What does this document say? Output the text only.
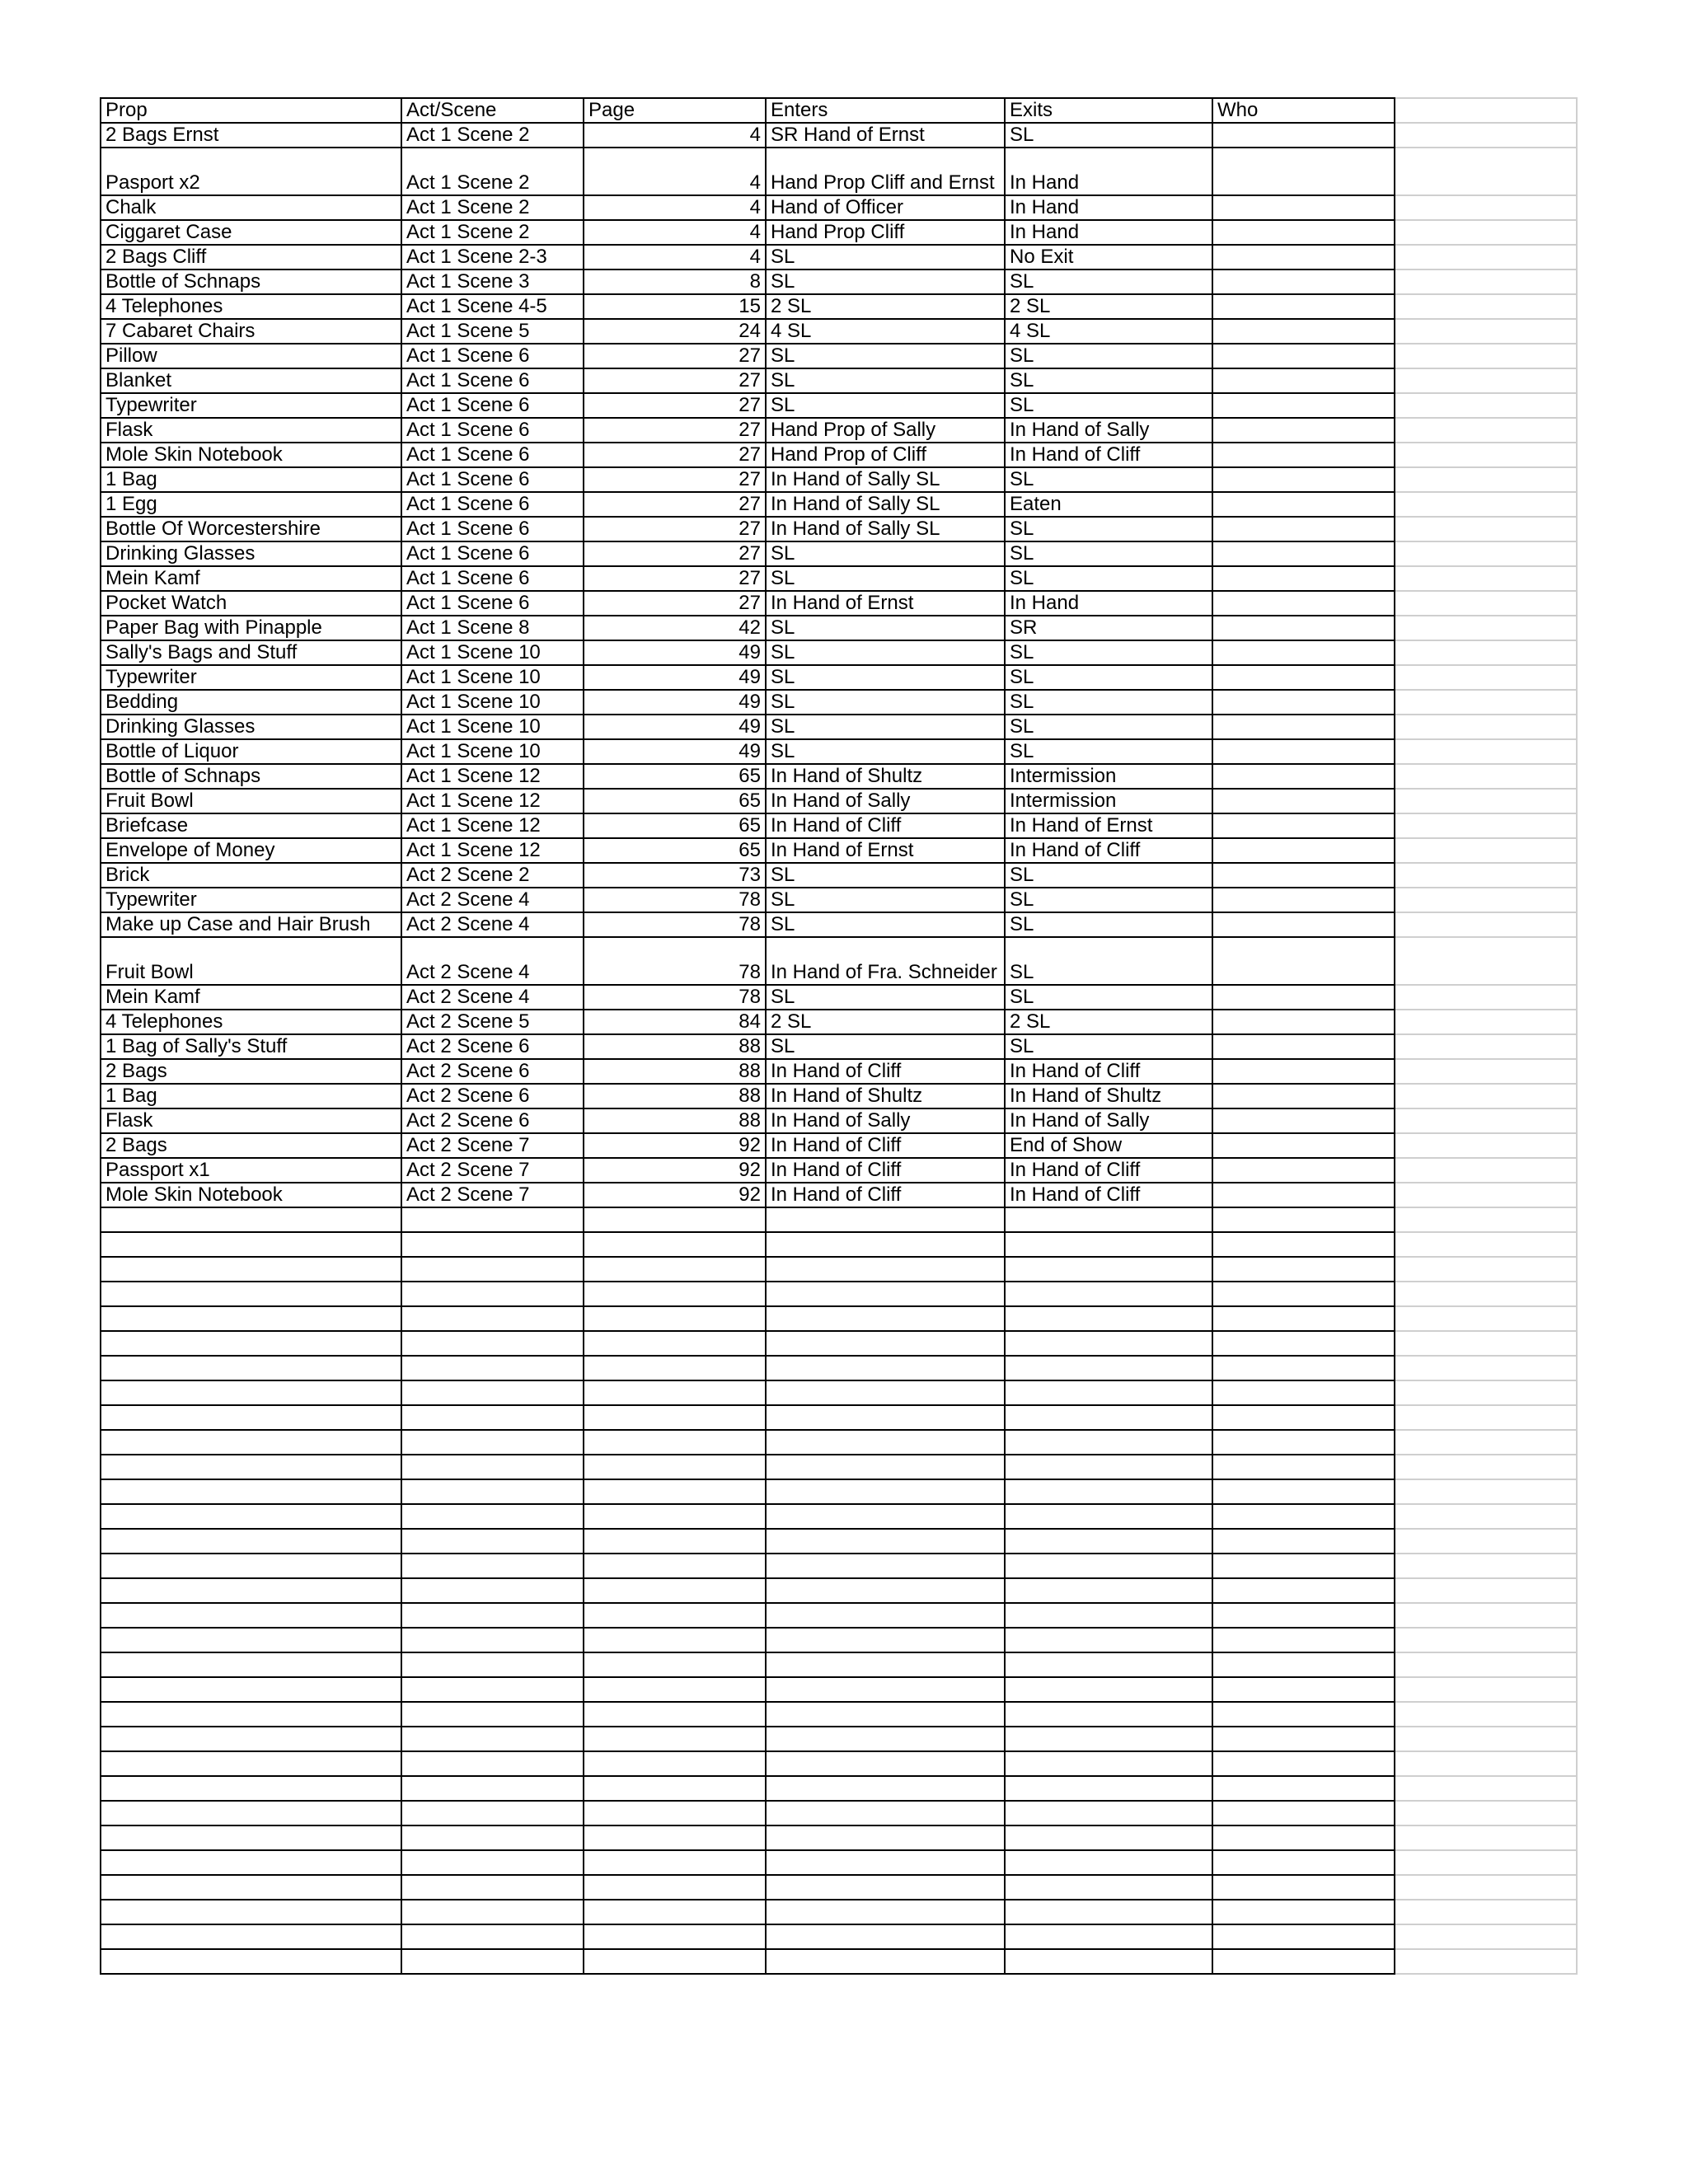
Prop	Act/Scene	Page	Enters	Exits	Who	
2 Bags Ernst	Act 1 Scene 2	4	SR Hand of Ernst	SL		
Pasport x2	Act 1 Scene 2	4	Hand Prop Cliff and Ernst	In Hand		
Chalk	Act 1 Scene 2	4	Hand of Officer	In Hand		
Ciggaret Case	Act 1 Scene 2	4	Hand Prop Cliff	In Hand		
2 Bags Cliff	Act 1 Scene 2-3	4	SL	No Exit		
Bottle of Schnaps	Act 1 Scene 3	8	SL	SL		
4 Telephones	Act 1 Scene 4-5	15	2 SL	2 SL		
7 Cabaret Chairs	Act 1 Scene 5	24	4 SL	4 SL		
Pillow	Act 1 Scene 6	27	SL	SL		
Blanket	Act 1 Scene 6	27	SL	SL		
Typewriter	Act 1 Scene 6	27	SL	SL		
Flask	Act 1 Scene 6	27	Hand Prop of Sally	In Hand of Sally		
Mole Skin Notebook	Act 1 Scene 6	27	Hand Prop of Cliff	In Hand of Cliff		
1 Bag	Act 1 Scene 6	27	In Hand of Sally SL	SL		
1 Egg	Act 1 Scene 6	27	In Hand of Sally SL	Eaten		
Bottle Of Worcestershire	Act 1 Scene 6	27	In Hand of Sally SL	SL		
Drinking Glasses	Act 1 Scene 6	27	SL	SL		
Mein Kamf	Act 1 Scene 6	27	SL	SL		
Pocket Watch	Act 1 Scene 6	27	In Hand of Ernst	In Hand		
Paper Bag with Pinapple	Act 1 Scene 8	42	SL	SR		
Sally's Bags and Stuff	Act 1 Scene 10	49	SL	SL		
Typewriter	Act 1 Scene 10	49	SL	SL		
Bedding	Act 1 Scene 10	49	SL	SL		
Drinking Glasses	Act 1 Scene 10	49	SL	SL		
Bottle of Liquor	Act 1 Scene 10	49	SL	SL		
Bottle of Schnaps	Act 1 Scene 12	65	In Hand of Shultz	Intermission		
Fruit Bowl	Act 1 Scene 12	65	In Hand of Sally	Intermission		
Briefcase	Act 1 Scene 12	65	In Hand of Cliff	In Hand of Ernst		
Envelope of Money	Act 1 Scene 12	65	In Hand of Ernst	In Hand of Cliff		
Brick	Act 2 Scene 2	73	SL	SL		
Typewriter	Act 2 Scene 4	78	SL	SL		
Make up Case and Hair Brush	Act 2 Scene 4	78	SL	SL		
Fruit Bowl	Act 2 Scene 4	78	In Hand of Fra. Schneider	SL		
Mein Kamf	Act 2 Scene 4	78	SL	SL		
4 Telephones	Act 2 Scene 5	84	2 SL	2 SL		
1 Bag of Sally's Stuff	Act 2 Scene 6	88	SL	SL		
2 Bags	Act 2 Scene 6	88	In Hand of Cliff	In Hand of Cliff		
1 Bag	Act 2 Scene 6	88	In Hand of Shultz	In Hand of Shultz		
Flask	Act 2 Scene 6	88	In Hand of Sally	In Hand of Sally		
2 Bags	Act 2 Scene 7	92	In Hand of Cliff	End of Show		
Passport x1	Act 2 Scene 7	92	In Hand of Cliff	In Hand of Cliff		
Mole Skin Notebook	Act 2 Scene 7	92	In Hand of Cliff	In Hand of Cliff		
